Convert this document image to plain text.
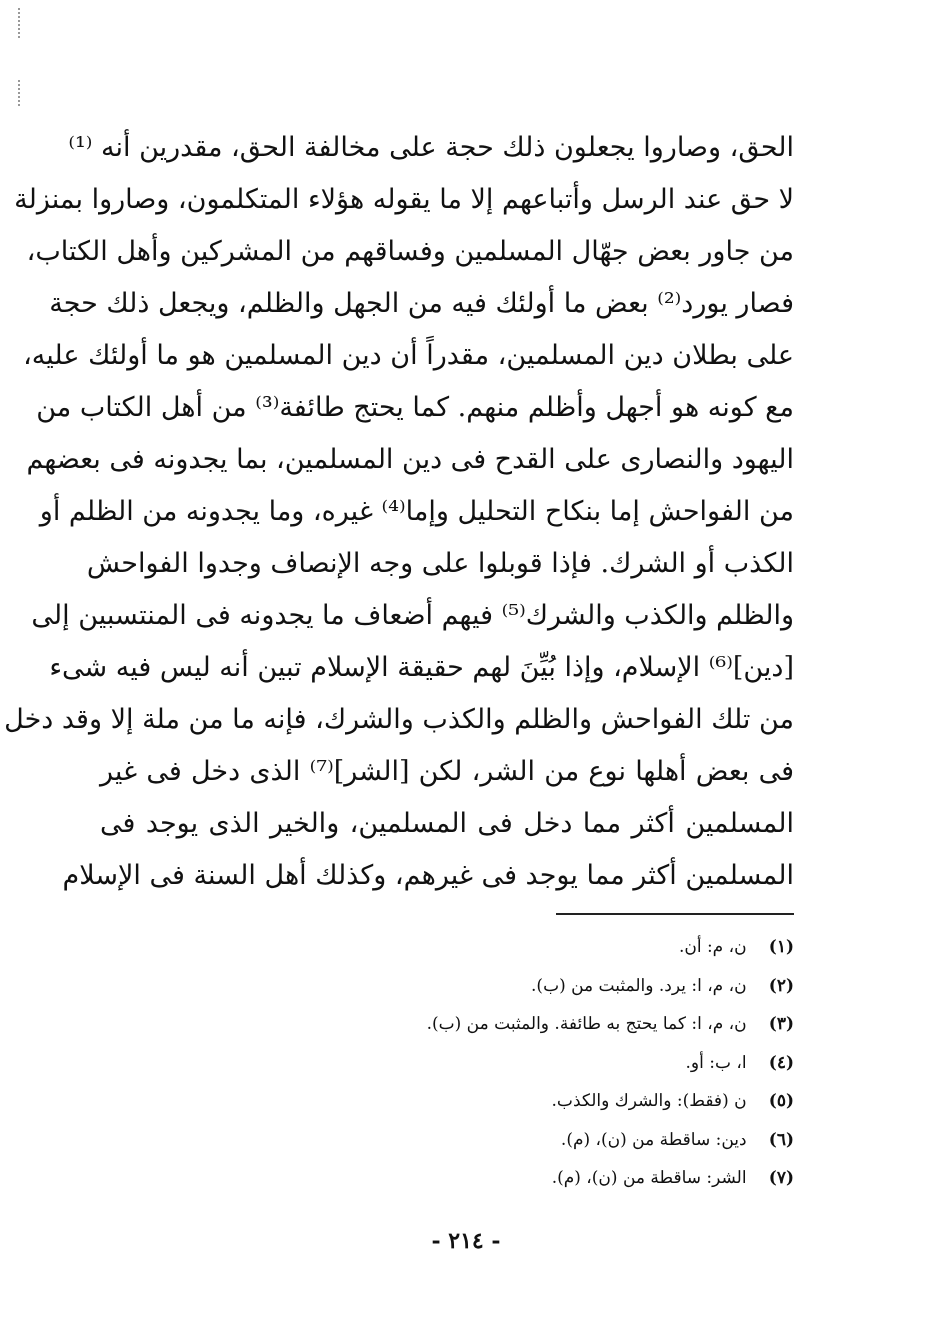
الحق، وصاروا يجعلون ذلك حجة على مخالفة الحق، مقدرين أنه ⁽¹⁾
لا حق عند الرسل وأتباعهم إلا ما يقوله هؤلاء المتكلمون، وصاروا بمنزلة
من جاور بعض جهّال المسلمين وفساقهم من المشركين وأهل الكتاب،
فصار يورد⁽²⁾ بعض ما أولئك فيه من الجهل والظلم، ويجعل ذلك حجة
على بطلان دين المسلمين، مقدراً أن دين المسلمين هو ما أولئك عليه،
مع كونه هو أجهل وأظلم منهم. كما يحتج طائفة⁽³⁾ من أهل الكتاب من
اليهود والنصارى على القدح فى دين المسلمين، بما يجدونه فى بعضهم
من الفواحش إما بنكاح التحليل وإما⁽⁴⁾ غيره، وما يجدونه من الظلم أو
الكذب أو الشرك. فإذا قوبلوا على وجه الإنصاف وجدوا الفواحش
والظلم والكذب والشرك⁽⁵⁾ فيهم أضعاف ما يجدونه فى المنتسبين إلى
[دين]⁽⁶⁾ الإسلام، وإذا بُيِّنَ لهم حقيقة الإسلام تبين أنه ليس فيه شىء
من تلك الفواحش والظلم والكذب والشرك، فإنه ما من ملة إلا وقد دخل
فى بعض أهلها نوع من الشر، لكن [الشر]⁽⁷⁾ الذى دخل فى غير
المسلمين أكثر مما دخل فى المسلمين، والخير الذى يوجد فى
المسلمين أكثر مما يوجد فى غيرهم، وكذلك أهل السنة فى الإسلام
(١) ن، م: أن.
(٢) ن، م، ا: يرد. والمثبت من (ب).
(٣) ن، م، ا: كما يحتج به طائفة. والمثبت من (ب).
(٤) ا، ب: أو.
(٥) ن (فقط): والشرك والكذب.
(٦) دين: ساقطة من (ن)، (م).
(٧) الشر: ساقطة من (ن)، (م).
- ٢١٤ -
